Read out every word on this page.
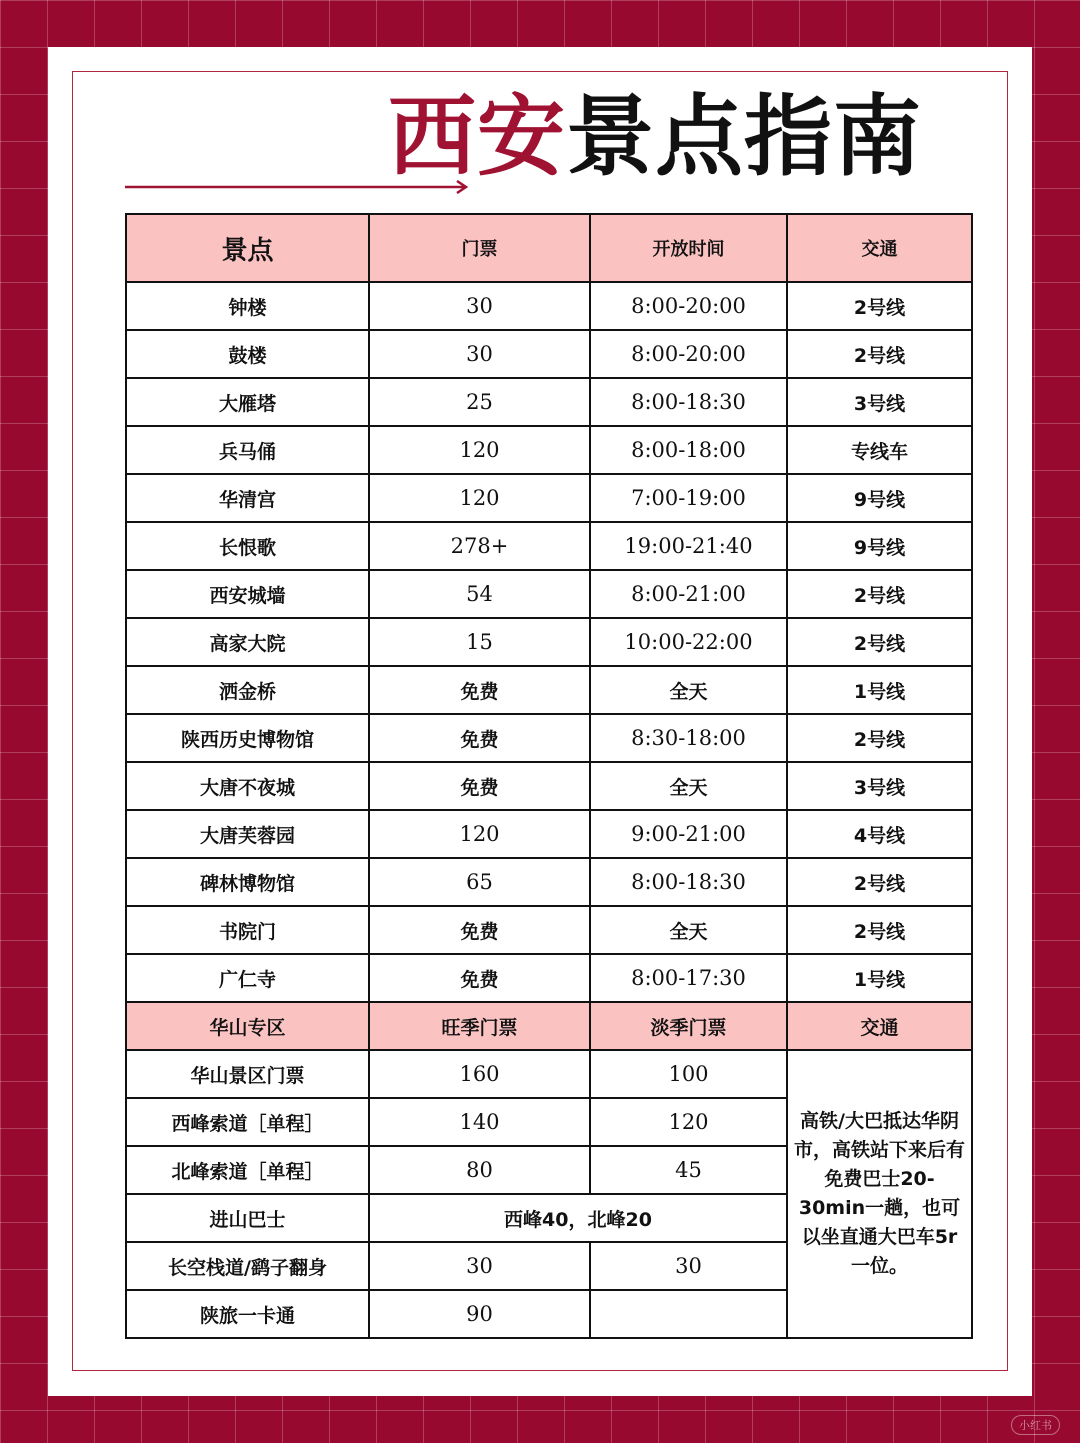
西安景点指南
景点	门票	开放时间	交通
钟楼	30	8:00-20:00	2号线
鼓楼	30	8:00-20:00	2号线
大雁塔	25	8:00-18:30	3号线
兵马俑	120	8:00-18:00	专线车
华清宫	120	7:00-19:00	9号线
长恨歌	278+	19:00-21:40	9号线
西安城墙	54	8:00-21:00	2号线
高家大院	15	10:00-22:00	2号线
洒金桥	免费	全天	1号线
陕西历史博物馆	免费	8:30-18:00	2号线
大唐不夜城	免费	全天	3号线
大唐芙蓉园	120	9:00-21:00	4号线
碑林博物馆	65	8:00-18:30	2号线
书院门	免费	全天	2号线
广仁寺	免费	8:00-17:30	1号线
华山专区	旺季门票	淡季门票	交通
华山景区门票	160	100	高铁/大巴抵达华阴市，高铁站下来后有免费巴士20-30min一趟，也可以坐直通大巴车5r一位。
西峰索道［单程］	140	120	
北峰索道［单程］	80	45	
进山巴士	西峰40，北峰20		
长空栈道/鹞子翻身	30	30	
陕旅一卡通	90		
小红书
